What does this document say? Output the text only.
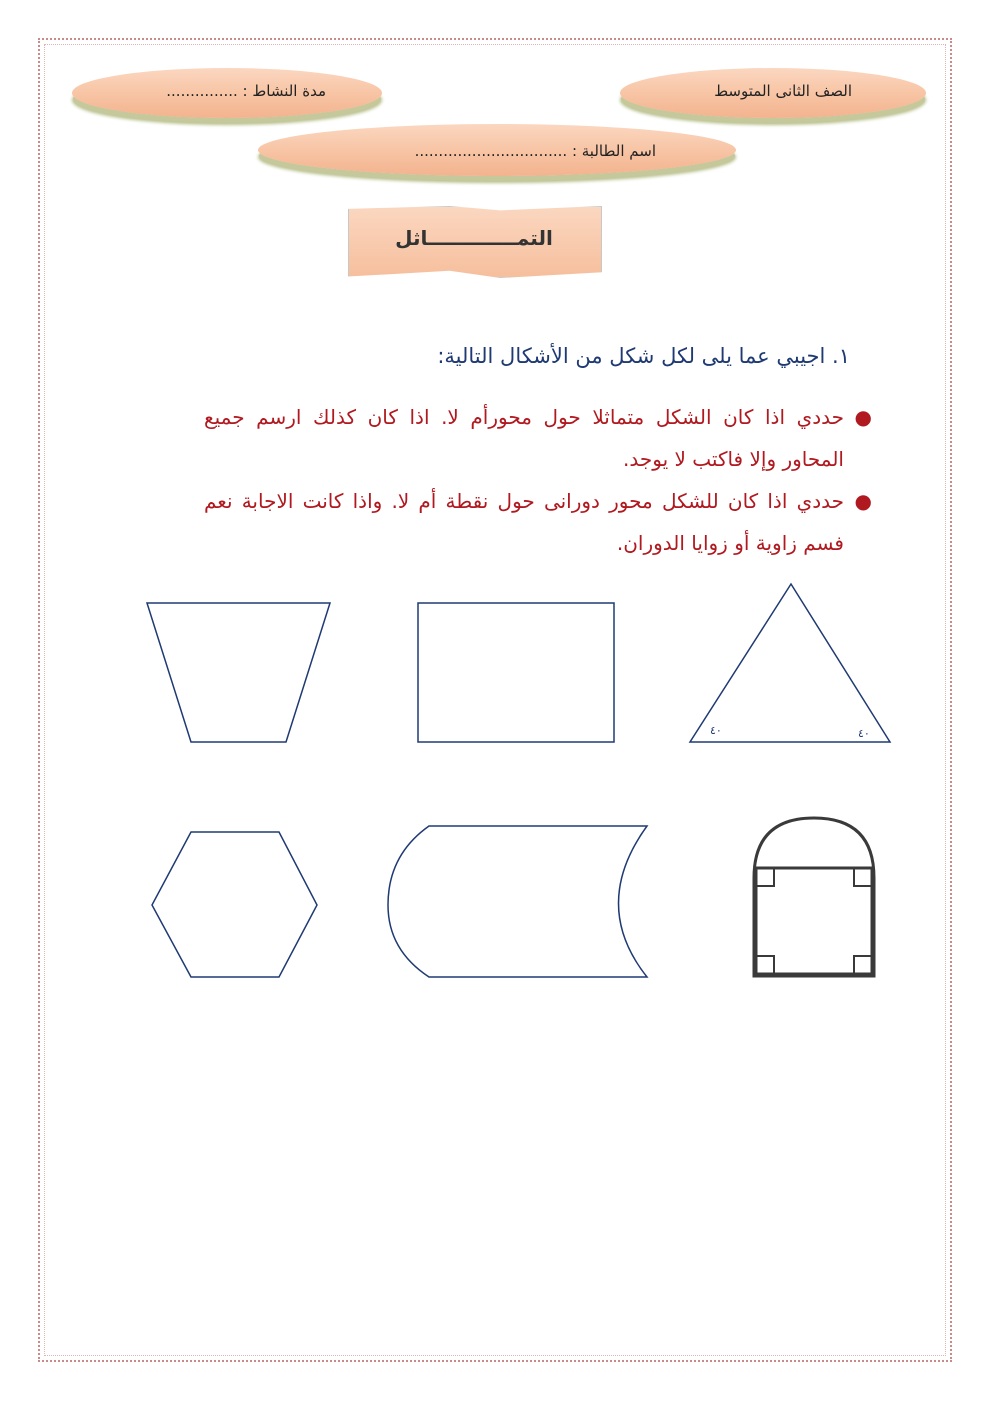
الصف الثانى المتوسط
مدة النشاط : ...............
اسم الطالبة : ................................
التمـــــــــــــاثل
١. اجيبي عما يلى لكل شكل من الأشكال التالية:
●
حددي اذا كان الشكل متماثلا حول محورأم لا. اذا كان كذلك ارسم جميع المحاور وإلا فاكتب لا يوجد.
●
حددي اذا كان للشكل محور دورانى حول نقطة أم لا. واذا كانت الاجابة نعم فسم زاوية أو زوايا الدوران.
٤٠	٤٠
